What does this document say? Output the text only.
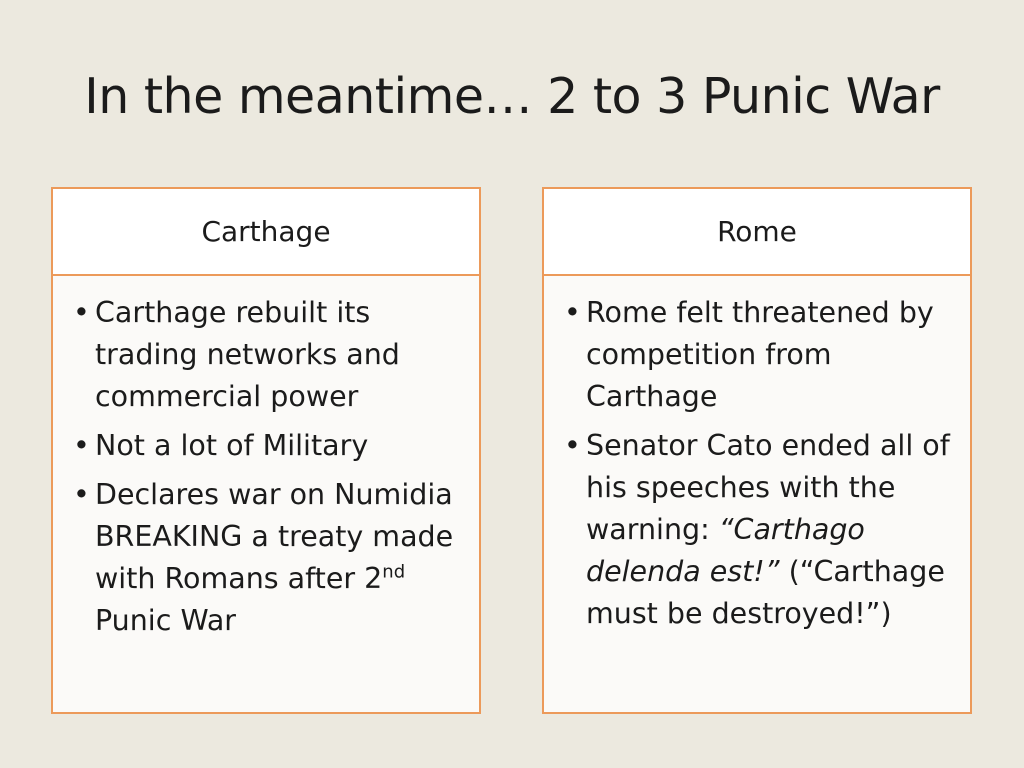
In the meantime… 2 to 3 Punic War
Carthage
• Carthage rebuilt its trading networks and commercial power
• Not a lot of Military
• Declares war on Numidia BREAKING a treaty made with Romans after 2nd Punic War
Rome
• Rome felt threatened by competition from Carthage
• Senator Cato ended all of his speeches with the warning: “Carthago delenda est!” (“Carthage must be destroyed!”)
